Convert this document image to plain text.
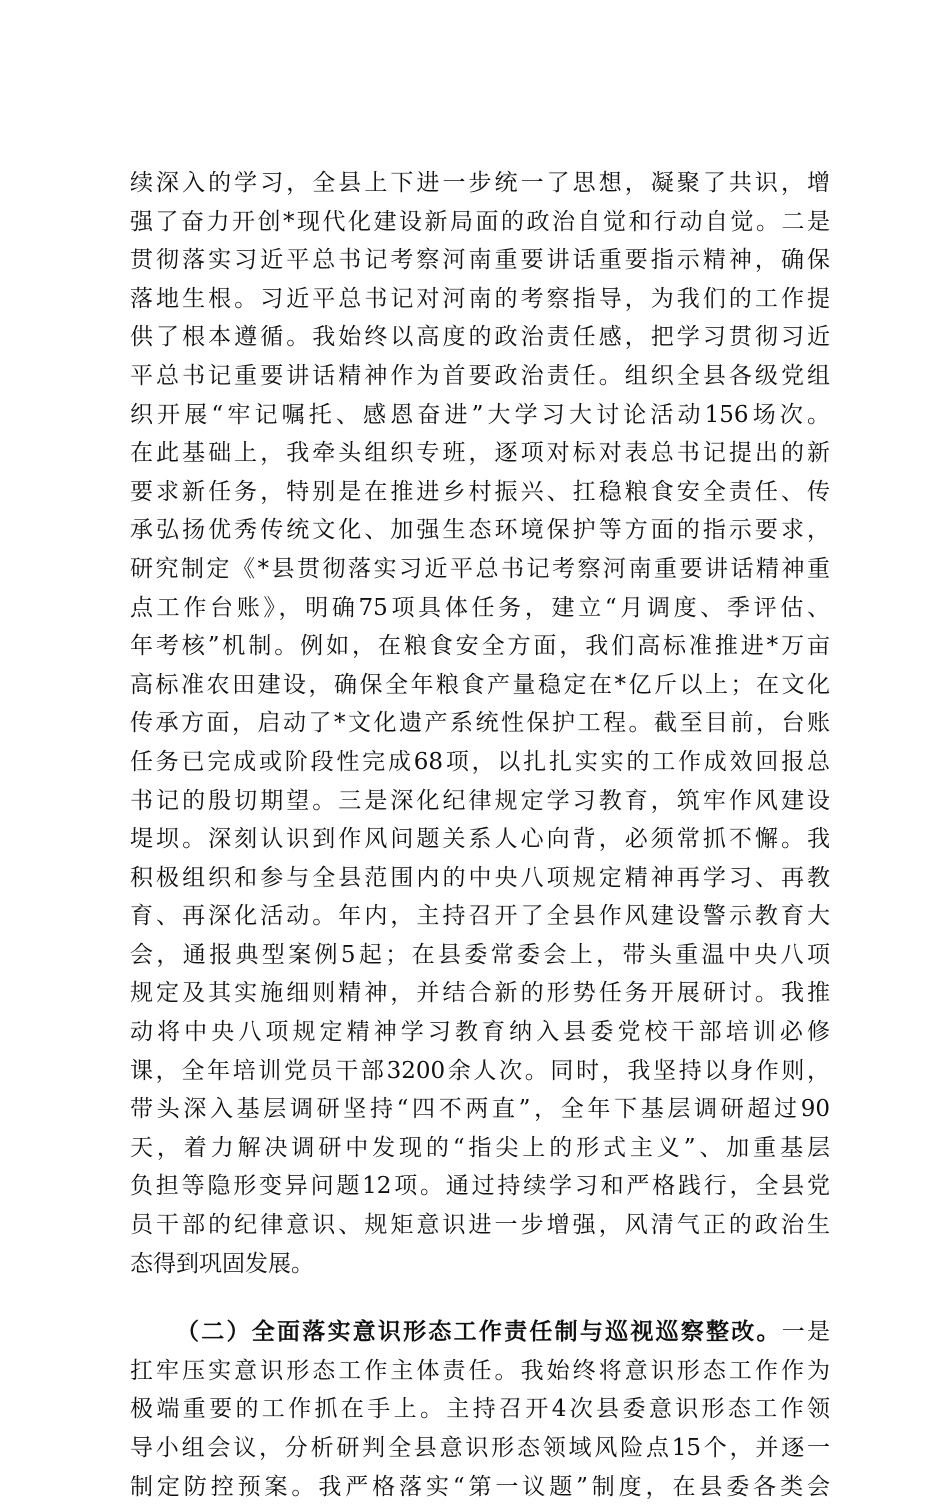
续深入的学习，全县上下进一步统一了思想，凝聚了共识，增
强了奋力开创*现代化建设新局面的政治自觉和行动自觉。二是
贯彻落实习近平总书记考察河南重要讲话重要指示精神，确保
落地生根。习近平总书记对河南的考察指导，为我们的工作提
供了根本遵循。我始终以高度的政治责任感，把学习贯彻习近
平总书记重要讲话精神作为首要政治责任。组织全县各级党组
织开展“牢记嘱托、感恩奋进”大学习大讨论活动156场次。
在此基础上，我牵头组织专班，逐项对标对表总书记提出的新
要求新任务，特别是在推进乡村振兴、扛稳粮食安全责任、传
承弘扬优秀传统文化、加强生态环境保护等方面的指示要求，
研究制定《*县贯彻落实习近平总书记考察河南重要讲话精神重
点工作台账》，明确75项具体任务，建立“月调度、季评估、
年考核”机制。例如，在粮食安全方面，我们高标准推进*万亩
高标准农田建设，确保全年粮食产量稳定在*亿斤以上；在文化
传承方面，启动了*文化遗产系统性保护工程。截至目前，台账
任务已完成或阶段性完成68项，以扎扎实实的工作成效回报总
书记的殷切期望。三是深化纪律规定学习教育，筑牢作风建设
堤坝。深刻认识到作风问题关系人心向背，必须常抓不懈。我
积极组织和参与全县范围内的中央八项规定精神再学习、再教
育、再深化活动。年内，主持召开了全县作风建设警示教育大
会，通报典型案例5起；在县委常委会上，带头重温中央八项
规定及其实施细则精神，并结合新的形势任务开展研讨。我推
动将中央八项规定精神学习教育纳入县委党校干部培训必修
课，全年培训党员干部3200余人次。同时，我坚持以身作则，
带头深入基层调研坚持“四不两直”，全年下基层调研超过90
天，着力解决调研中发现的“指尖上的形式主义”、加重基层
负担等隐形变异问题12项。通过持续学习和严格践行，全县党
员干部的纪律意识、规矩意识进一步增强，风清气正的政治生
态得到巩固发展。
（二）全面落实意识形态工作责任制与巡视巡察整改。一是
扛牢压实意识形态工作主体责任。我始终将意识形态工作作为
极端重要的工作抓在手上。主持召开4次县委意识形态工作领
导小组会议，分析研判全县意识形态领域风险点15个，并逐一
制定防控预案。我严格落实“第一议题”制度，在县委各类会
